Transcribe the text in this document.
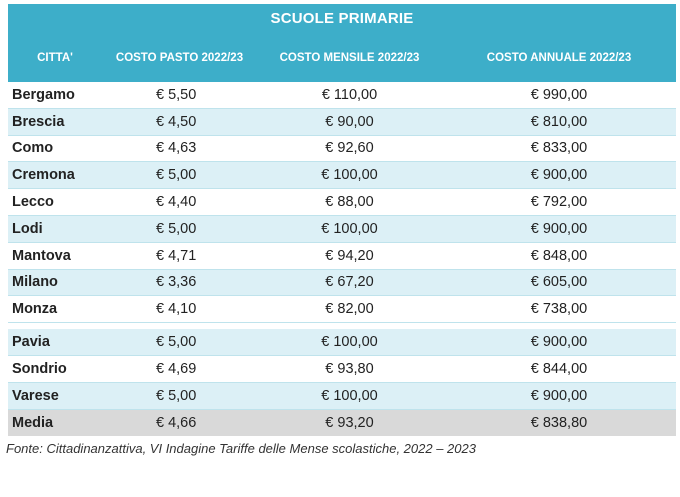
SCUOLE PRIMARIE
CITTA'	COSTO PASTO 2022/23	COSTO MENSILE 2022/23	COSTO ANNUALE 2022/23
Bergamo	€ 5,50	€ 110,00	€ 990,00
Brescia	€ 4,50	€ 90,00	€ 810,00
Como	€ 4,63	€ 92,60	€ 833,00
Cremona	€ 5,00	€ 100,00	€ 900,00
Lecco	€ 4,40	€ 88,00	€ 792,00
Lodi	€ 5,00	€ 100,00	€ 900,00
Mantova	€ 4,71	€ 94,20	€ 848,00
Milano	€ 3,36	€ 67,20	€ 605,00
Monza	€ 4,10	€ 82,00	€ 738,00
Pavia	€ 5,00	€ 100,00	€ 900,00
Sondrio	€ 4,69	€ 93,80	€ 844,00
Varese	€ 5,00	€ 100,00	€ 900,00
Media	€ 4,66	€ 93,20	€ 838,80
Fonte: Cittadinanzattiva, VI Indagine Tariffe delle Mense scolastiche, 2022 – 2023
